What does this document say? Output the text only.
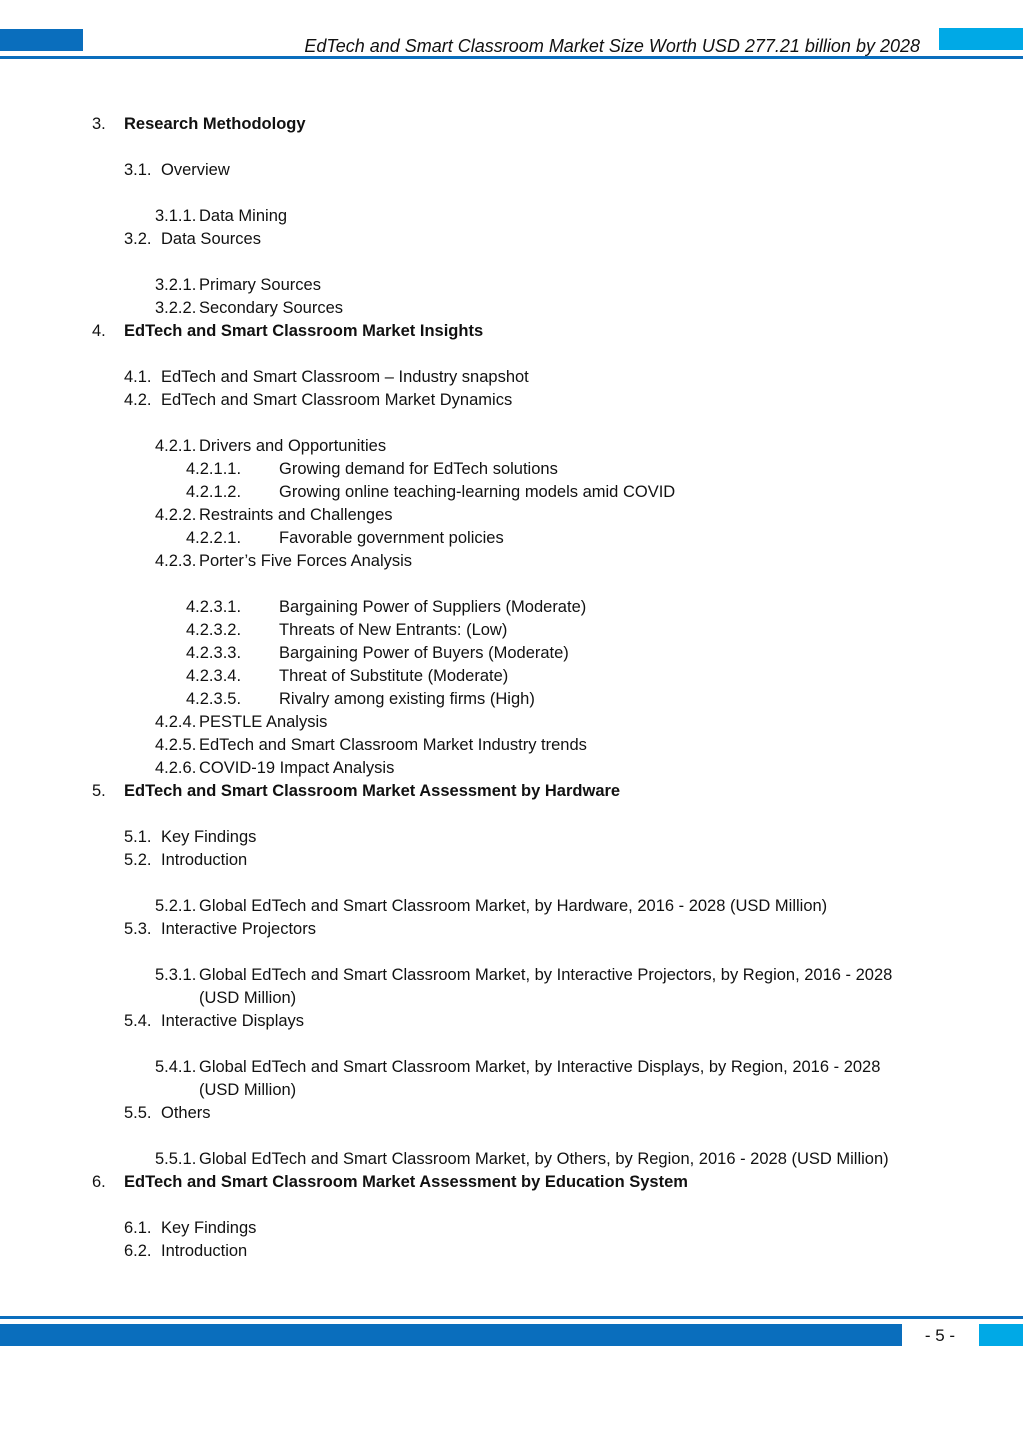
EdTech and Smart Classroom Market Size Worth USD 277.21 billion by 2028
3. Research Methodology
3.1. Overview
3.1.1. Data Mining
3.2. Data Sources
3.2.1. Primary Sources
3.2.2. Secondary Sources
4. EdTech and Smart Classroom Market Insights
4.1. EdTech and Smart Classroom – Industry snapshot
4.2. EdTech and Smart Classroom Market Dynamics
4.2.1. Drivers and Opportunities
4.2.1.1. Growing demand for EdTech solutions
4.2.1.2. Growing online teaching-learning models amid COVID
4.2.2. Restraints and Challenges
4.2.2.1. Favorable government policies
4.2.3. Porter’s Five Forces Analysis
4.2.3.1. Bargaining Power of Suppliers (Moderate)
4.2.3.2. Threats of New Entrants: (Low)
4.2.3.3. Bargaining Power of Buyers (Moderate)
4.2.3.4. Threat of Substitute (Moderate)
4.2.3.5. Rivalry among existing firms (High)
4.2.4. PESTLE Analysis
4.2.5. EdTech and Smart Classroom Market Industry trends
4.2.6. COVID-19 Impact Analysis
5. EdTech and Smart Classroom Market Assessment by Hardware
5.1. Key Findings
5.2. Introduction
5.2.1. Global EdTech and Smart Classroom Market, by Hardware, 2016 - 2028 (USD Million)
5.3. Interactive Projectors
5.3.1. Global EdTech and Smart Classroom Market, by Interactive Projectors, by Region, 2016 - 2028
(USD Million)
5.4. Interactive Displays
5.4.1. Global EdTech and Smart Classroom Market, by Interactive Displays, by Region, 2016 - 2028
(USD Million)
5.5. Others
5.5.1. Global EdTech and Smart Classroom Market, by Others, by Region, 2016 - 2028 (USD Million)
6. EdTech and Smart Classroom Market Assessment by Education System
6.1. Key Findings
6.2. Introduction
- 5 -
